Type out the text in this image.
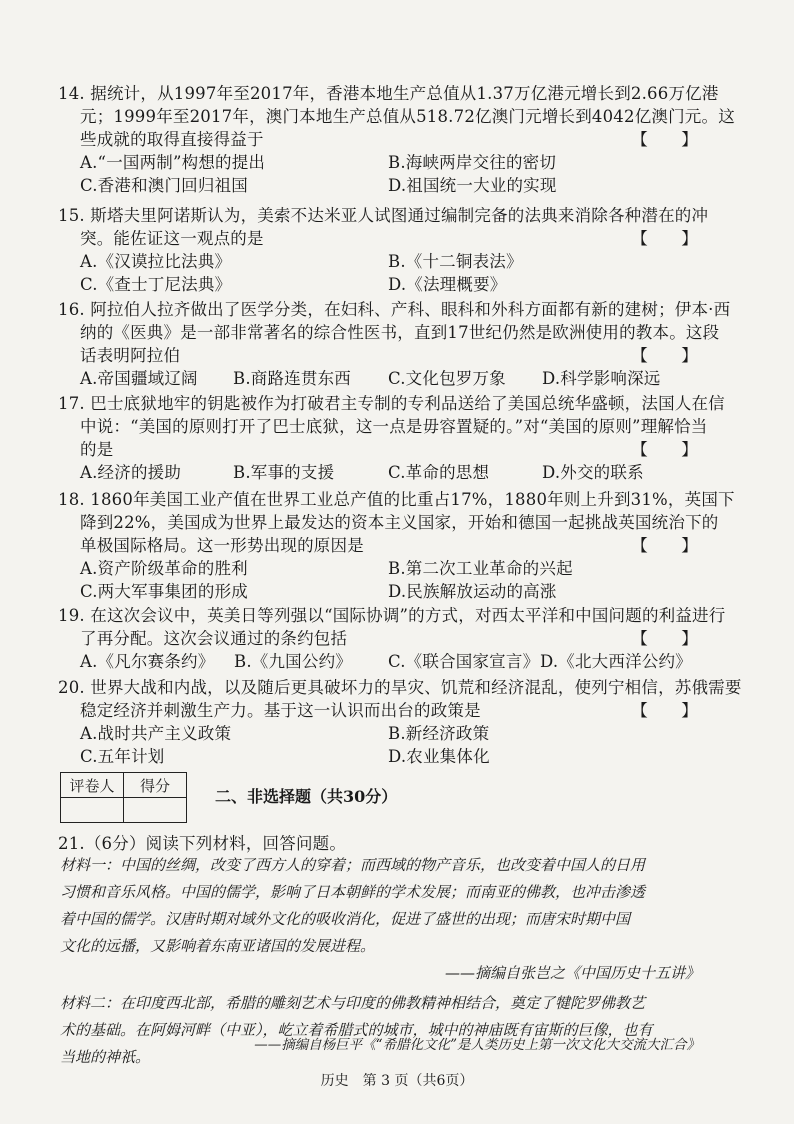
14. 据统计，从1997年至2017年，香港本地生产总值从1.37万亿港元增长到2.66万亿港
元；1999年至2017年，澳门本地生产总值从518.72亿澳门元增长到4042亿澳门元。这
些成就的取得直接得益于	【　　】
A.“一国两制”构想的提出	B.海峡两岸交往的密切
C.香港和澳门回归祖国	D.祖国统一大业的实现
15. 斯塔夫里阿诺斯认为，美索不达米亚人试图通过编制完备的法典来消除各种潜在的冲
突。能佐证这一观点的是	【　　】
A.《汉谟拉比法典》	B.《十二铜表法》
C.《查士丁尼法典》	D.《法理概要》
16. 阿拉伯人拉齐做出了医学分类，在妇科、产科、眼科和外科方面都有新的建树；伊本·西
纳的《医典》是一部非常著名的综合性医书，直到17世纪仍然是欧洲使用的教本。这段
话表明阿拉伯	【　　】
A.帝国疆域辽阔 B.商路连贯东西 C.文化包罗万象 D.科学影响深远
17. 巴士底狱地牢的钥匙被作为打破君主专制的专利品送给了美国总统华盛顿，法国人在信
中说：“美国的原则打开了巴士底狱，这一点是毋容置疑的。”对“美国的原则”理解恰当
的是	【　　】
A.经济的援助	B.军事的支援	C.革命的思想	D.外交的联系
18. 1860年美国工业产值在世界工业总产值的比重占17%，1880年则上升到31%，英国下
降到22%，美国成为世界上最发达的资本主义国家，开始和德国一起挑战英国统治下的
单极国际格局。这一形势出现的原因是	【　　】
A.资产阶级革命的胜利	B.第二次工业革命的兴起
C.两大军事集团的形成	D.民族解放运动的高涨
19. 在这次会议中，英美日等列强以“国际协调”的方式，对西太平洋和中国问题的利益进行
了再分配。这次会议通过的条约包括	【　　】
A.《凡尔赛条约》 B.《九国公约》 C.《联合国家宣言》 D.《北大西洋公约》
20. 世界大战和内战，以及随后更具破坏力的旱灾、饥荒和经济混乱，使列宁相信，苏俄需要
稳定经济并刺激生产力。基于这一认识而出台的政策是	【　　】
A.战时共产主义政策	B.新经济政策
C.五年计划	D.农业集体化
评卷人	得分

二、非选择题（共30分）
21.（6分）阅读下列材料，回答问题。
材料一：中国的丝绸，改变了西方人的穿着；而西域的物产音乐，也改变着中国人的日用
习惯和音乐风格。中国的儒学，影响了日本朝鲜的学术发展；而南亚的佛教，也冲击渗透
着中国的儒学。汉唐时期对域外文化的吸收消化，促进了盛世的出现；而唐宋时期中国
文化的远播，又影响着东南亚诸国的发展进程。
——摘编自张岂之《中国历史十五讲》
材料二：在印度西北部，希腊的雕刻艺术与印度的佛教精神相结合，奠定了犍陀罗佛教艺
术的基础。在阿姆河畔（中亚），屹立着希腊式的城市，城中的神庙既有宙斯的巨像，也有
当地的神祇。
——摘编自杨巨平《“希腊化文化”是人类历史上第一次文化大交流大汇合》
历史　第 3 页（共6页）
